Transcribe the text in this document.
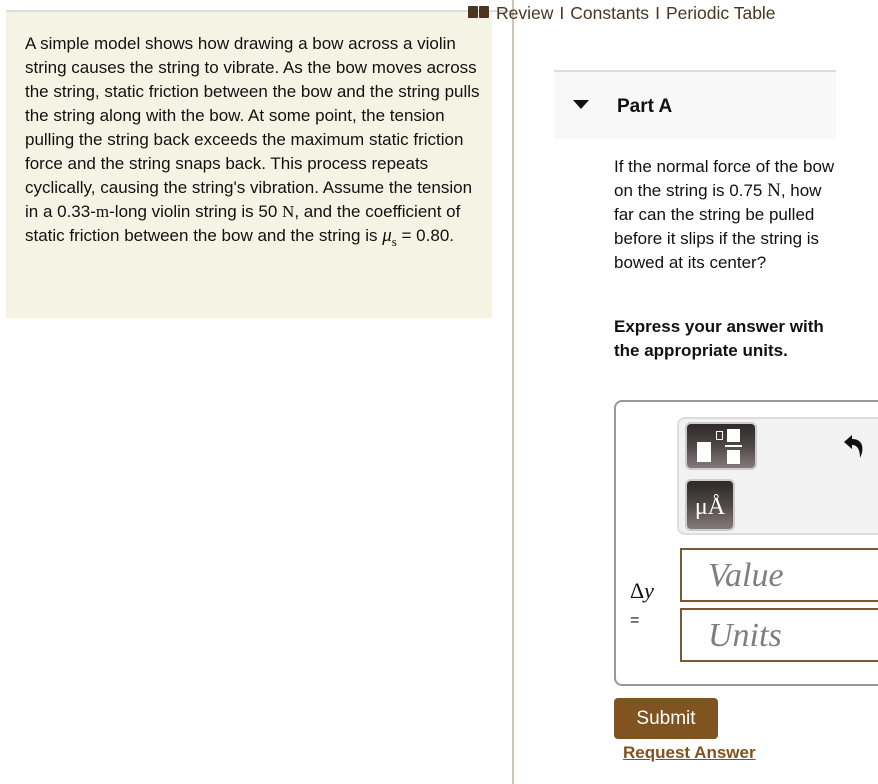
A simple model shows how drawing a bow across a violin string causes the string to vibrate. As the bow moves across the string, static friction between the bow and the string pulls the string along with the bow. At some point, the tension pulling the string back exceeds the maximum static friction force and the string snaps back. This process repeats cyclically, causing the string's vibration. Assume the tension in a 0.33-m-long violin string is 50 N, and the coefficient of static friction between the bow and the string is $\mu_s = 0.80$.

Review I Constants I Periodic Table
Part A
If the normal force of the bow on the string is 0.75 N, how far can the string be pulled before it slips if the string is bowed at its center?
Express your answer with the appropriate units.
μÅ
Δy
=
Value
Units
Submit
Request Answer
